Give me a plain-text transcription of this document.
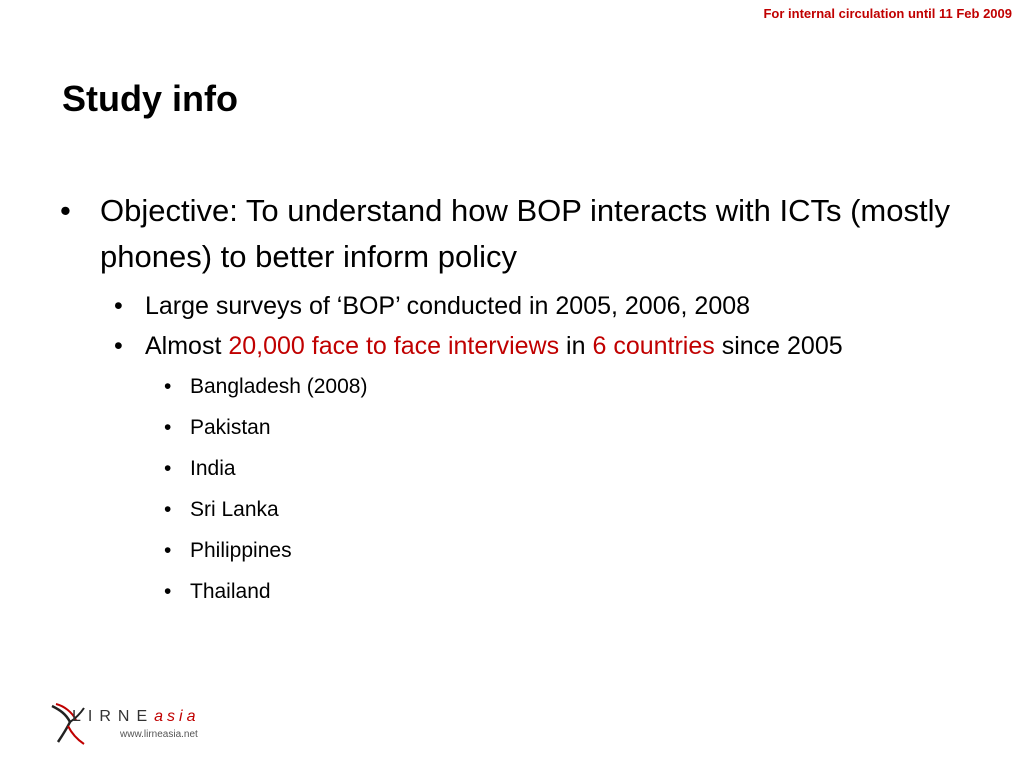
For internal circulation until 11 Feb 2009
Study info
• Objective: To understand how BOP interacts with ICTs (mostly phones) to better inform policy
• Large surveys of ‘BOP’ conducted in 2005, 2006, 2008
• Almost 20,000 face to face interviews in 6 countries since 2005
• Bangladesh (2008)
• Pakistan
• India
• Sri Lanka
• Philippines
• Thailand
LIRNEasia
www.lirneasia.net
